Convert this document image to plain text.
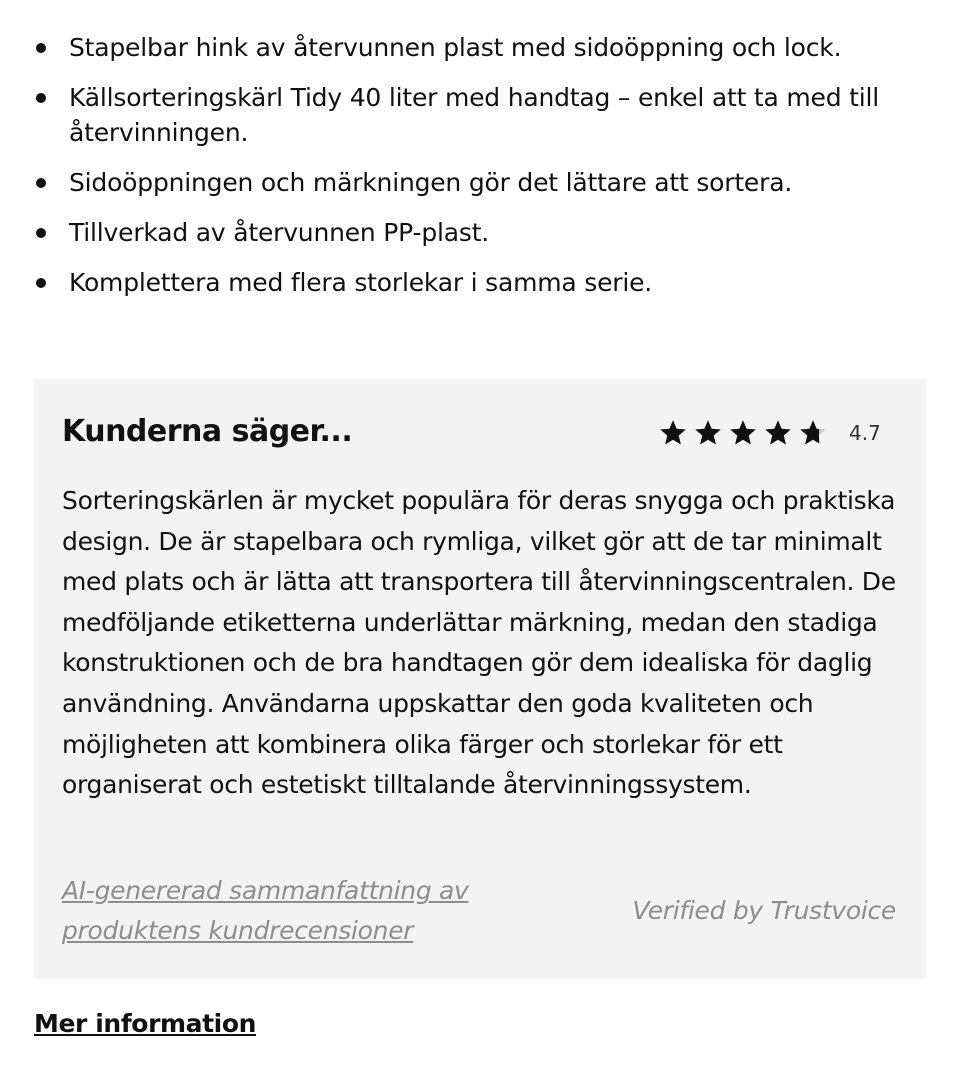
Stapelbar hink av återvunnen plast med sidoöppning och lock.
Källsorteringskärl Tidy 40 liter med handtag – enkel att ta med till återvinningen.
Sidoöppningen och märkningen gör det lättare att sortera.
Tillverkad av återvunnen PP-plast.
Komplettera med flera storlekar i samma serie.
Kunderna säger...	4.7

Sorteringskärlen är mycket populära för deras snygga och praktiska design. De är stapelbara och rymliga, vilket gör att de tar minimalt med plats och är lätta att transportera till återvinningscentralen. De medföljande etiketterna underlättar märkning, medan den stadiga konstruktionen och de bra handtagen gör dem idealiska för daglig användning. Användarna uppskattar den goda kvaliteten och möjligheten att kombinera olika färger och storlekar för ett organiserat och estetiskt tilltalande återvinningssystem.

AI-genererad sammanfattning av produktens kundrecensioner
Verified by Trustvoice
Mer information
